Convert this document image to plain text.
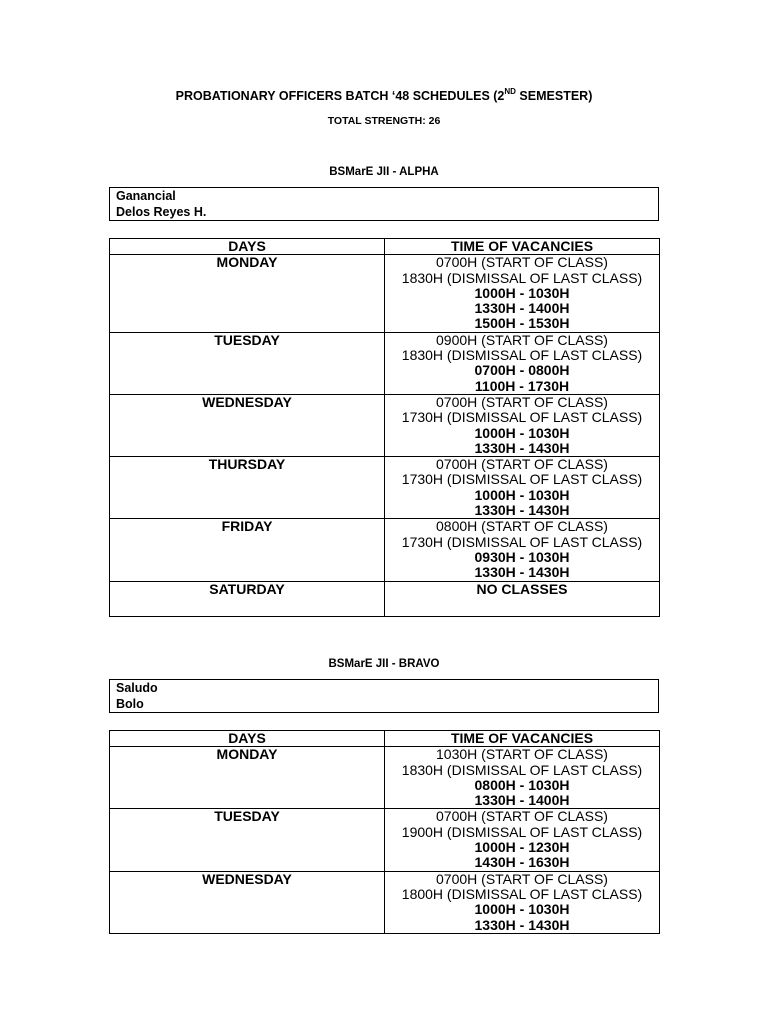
PROBATIONARY OFFICERS BATCH ‘48 SCHEDULES (2ND SEMESTER)
TOTAL STRENGTH: 26
BSMarE JII - ALPHA
Ganancial
Delos Reyes H.
DAYS	TIME OF VACANCIES

MONDAY	0700H (START OF CLASS)
1830H (DISMISSAL OF LAST CLASS)
1000H - 1030H
1330H - 1400H
1500H - 1530H

TUESDAY	0900H (START OF CLASS)
1830H (DISMISSAL OF LAST CLASS)
0700H - 0800H
1100H - 1730H

WEDNESDAY	0700H (START OF CLASS)
1730H (DISMISSAL OF LAST CLASS)
1000H - 1030H
1330H - 1430H

THURSDAY	0700H (START OF CLASS)
1730H (DISMISSAL OF LAST CLASS)
1000H - 1030H
1330H - 1430H

FRIDAY	0800H (START OF CLASS)
1730H (DISMISSAL OF LAST CLASS)
0930H - 1030H
1330H - 1430H

SATURDAY	NO CLASSES
BSMarE JII - BRAVO
Saludo
Bolo
DAYS	TIME OF VACANCIES

MONDAY	1030H (START OF CLASS)
1830H (DISMISSAL OF LAST CLASS)
0800H - 1030H
1330H - 1400H

TUESDAY	0700H (START OF CLASS)
1900H (DISMISSAL OF LAST CLASS)
1000H - 1230H
1430H - 1630H

WEDNESDAY	0700H (START OF CLASS)
1800H (DISMISSAL OF LAST CLASS)
1000H - 1030H
1330H - 1430H
